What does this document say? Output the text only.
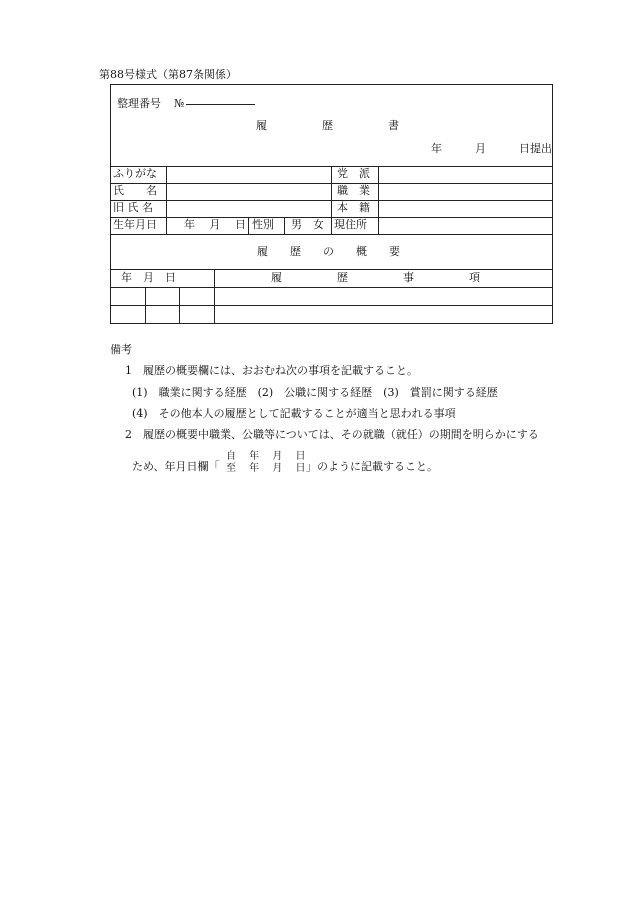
第88号様式（第87条関係）
整理番号 №
履　　　　　歴　　　　　書
年　　　月　　　日提出
ふりがな
氏　　名
旧 氏 名
生年月日 年　 月　 日 性別 男　女
党　派
職　業
本　籍
現住所
履　　歴　　の　　概　　要
年　月　日	履　　　　　歴　　　　　事　　　　　項
備考
1　履歴の概要欄には、おおむね次の事項を記載すること。
(1)　職業に関する経歴　(2)　公職に関する経歴　(3)　賞罰に関する経歴
(4)　その他本人の履歴として記載することが適当と思われる事項
2　履歴の概要中職業、公職等については、その就職（就任）の期間を明らかにする
ため、年月日欄「
自　 年　 月　 日
至　 年　 月　 日 」のように記載すること。
